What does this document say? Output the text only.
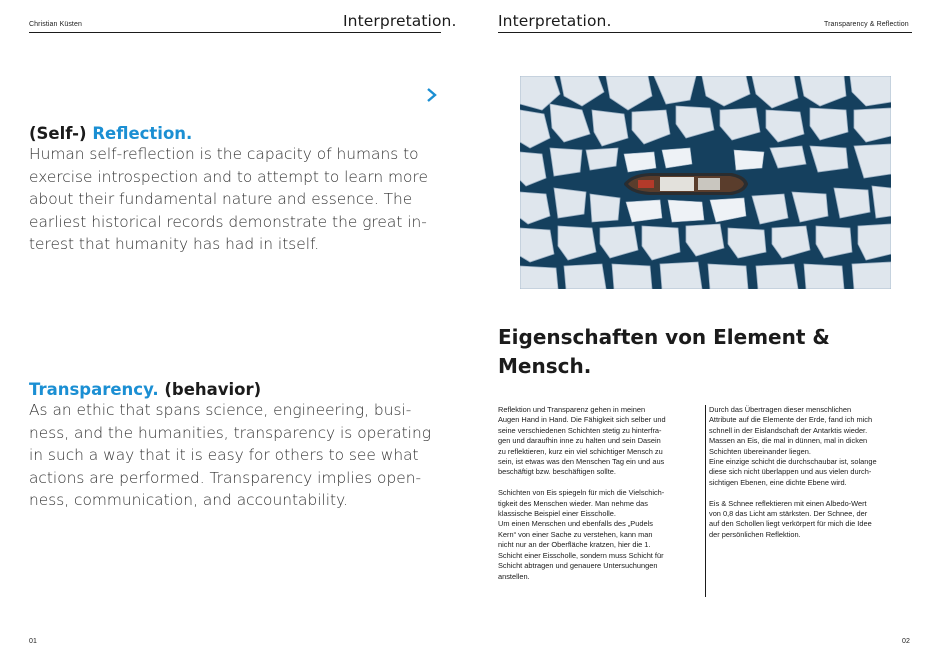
Christian Küsten	Interpretation.
(Self-) Reflection.
Human self-reflection is the capacity of humans to
exercise introspection and to attempt to learn more
about their fundamental nature and essence. The
earliest historical records demonstrate the great in-
terest that humanity has had in itself.
Transparency. (behavior)
As an ethic that spans science, engineering, busi-
ness, and the humanities, transparency is operating
in such a way that it is easy for others to see what
actions are performed. Transparency implies open-
ness, communication, and accountability.
01
Interpretation.	Transparency & Reflection
Eigenschaften von Element &
Mensch.
Reflektion und Transparenz gehen in meinen
Augen Hand in Hand. Die Fähigkeit sich selber und
seine verschiedenen Schichten stetig zu hinterfra-
gen und daraufhin inne zu halten und sein Dasein
zu reflektieren, kurz ein viel schichtiger Mensch zu
sein, ist etwas was den Menschen Tag ein und aus
beschäftigt bzw. beschäftigen sollte.

Schichten von Eis spiegeln für mich die Vielschich-
tigkeit des Menschen wieder. Man nehme das
klassische Beispiel einer Eisscholle.
Um einen Menschen und ebenfalls des „Pudels
Kern“ von einer Sache zu verstehen, kann man
nicht nur an der Oberfläche kratzen, hier die 1.
Schicht einer Eisscholle, sondern muss Schicht für
Schicht abtragen und genauere Untersuchungen
anstellen.
Durch das Übertragen dieser menschlichen
Attribute auf die Elemente der Erde, fand ich mich
schnell in der Eislandschaft der Antarktis wieder.
Massen an Eis, die mal in dünnen, mal in dicken
Schichten übereinander liegen.
Eine einzige schicht die durchschaubar ist, solange
diese sich nicht überlappen und aus vielen durch-
sichtigen Ebenen, eine dichte Ebene wird.

Eis & Schnee reflektieren mit einen Albedo-Wert
von 0,8 das Licht am stärksten. Der Schnee, der
auf den Schollen liegt verkörpert für mich die Idee
der persönlichen Reflektion.
02
